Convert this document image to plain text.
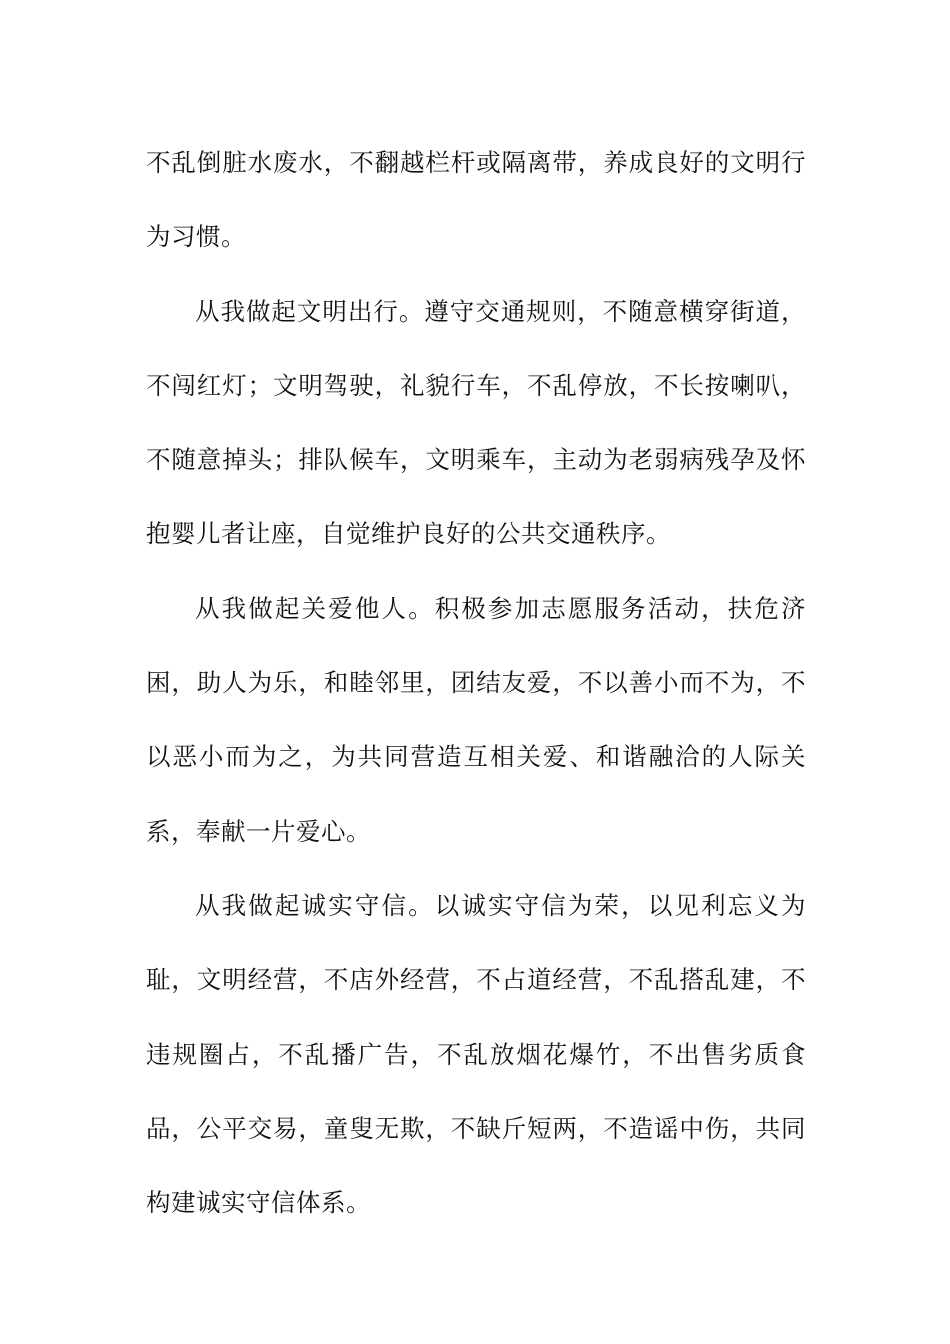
不乱倒脏水废水，不翻越栏杆或隔离带，养成良好的文明行为习惯。

从我做起文明出行。遵守交通规则，不随意横穿街道，不闯红灯；文明驾驶，礼貌行车，不乱停放，不长按喇叭，不随意掉头；排队候车，文明乘车，主动为老弱病残孕及怀抱婴儿者让座，自觉维护良好的公共交通秩序。

从我做起关爱他人。积极参加志愿服务活动，扶危济困，助人为乐，和睦邻里，团结友爱，不以善小而不为，不以恶小而为之，为共同营造互相关爱、和谐融洽的人际关系，奉献一片爱心。

从我做起诚实守信。以诚实守信为荣，以见利忘义为耻，文明经营，不店外经营，不占道经营，不乱搭乱建，不违规圈占，不乱播广告，不乱放烟花爆竹，不出售劣质食品，公平交易，童叟无欺，不缺斤短两，不造谣中伤，共同构建诚实守信体系。
